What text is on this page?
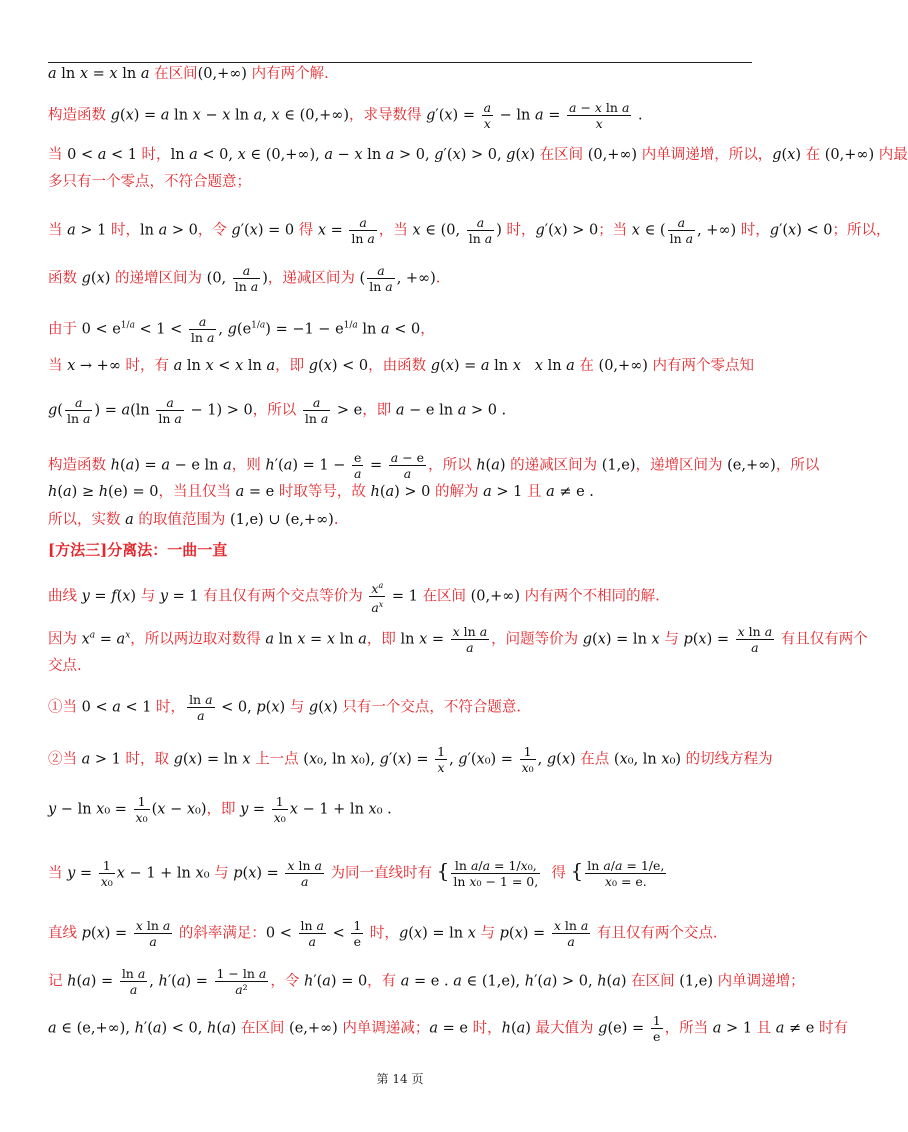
a ln x = x ln a 在区间(0,+∞) 内有两个解.
构造函数 g(x) = a ln x − x ln a, x ∈ (0,+∞)，求导数得 $g'(x) = \frac{a}{x} - \ln a = \frac{\text{a − x ln a}}{x}$ .
当 0 < a < 1 时，ln a < 0, x ∈ (0,+∞), a − x ln a > 0, g′(x) > 0, g(x) 在区间 (0,+∞) 内单调递增，所以，g(x) 在 (0,+∞) 内最
多只有一个零点，不符合题意；
当 a > 1 时，ln a > 0，令 g′(x) = 0 得 $x = \frac{a}{\text{ln a}}$ ，当 x ∈ (0, $\frac{a}{\text{ln a}}$ ) 时，g′(x) > 0；当 x ∈ ( $\frac{a}{\text{ln a}}$ , +∞) 时，g′(x) < 0；所以，
函数 g(x) 的递增区间为 (0, $\frac{a}{\text{ln a}}$ )，递减区间为 ( $\frac{a}{\text{ln a}}$ , +∞).
由于 $0 < e^{1/a} < 1 < \frac{a}{\text{ln a}}$ , $g(e^{1/a}) = -1 - e^{1/a}$ ln a < 0，
当 x → +∞ 时，有 a ln x < x ln a，即 g(x) < 0，由函数 g(x) = a ln x x ln a 在 (0,+∞) 内有两个零点知
$g( \frac{a}{\text{ln a}}$ ) = $a(\ln \frac{a}{\text{ln a}} - 1) > 0$，所以 $\frac{a}{\text{ln a}} > e$，即 a − e ln a > 0 .
构造函数 h(a) = a − e ln a，则 $h'(a) = 1 - \frac{e}{a} = \frac{a - e}{a}$ ，所以 h(a) 的递减区间为 (1,e)，递增区间为 (e,+∞)，所以
h(a) ≥ h(e) = 0，当且仅当 a = e 时取等号，故 h(a) > 0 的解为 a > 1 且 a ≠ e .
所以，实数 a 的取值范围为 (1,e) ∪ (e,+∞).
[方法三]分离法：一曲一直
曲线 y = f(x) 与 y = 1 有且仅有两个交点等价为 $\frac{x^a}{a^x} = 1$ 在区间 (0,+∞) 内有两个不相同的解.
因为 $x^a = a^x$，所以两边取对数得 a ln x = x ln a，即 $\ln x = \frac{\text{x ln a}}{a}$ ，问题等价为 g(x) = ln x 与 $p(x) = \frac{\text{x ln a}}{a}$ 有且仅有两个
交点.
①当 0 < a < 1 时， $\frac{\text{ln a}}{a} < 0$, p(x) 与 g(x) 只有一个交点，不符合题意.
②当 a > 1 时，取 g(x) = ln x 上一点 (x₀, ln x₀), $g'(x) = \frac{1}{x}$ , $g'(x_0) = \frac{1}{\text{x₀}}$ , g(x) 在点 (x₀, ln x₀) 的切线方程为
$y - \ln x_0 = \frac{1}{\text{x₀}} (x - x_0)$，即 $y = \frac{1}{\text{x₀}}$ x − 1 + ln x₀ .
当 $y = \frac{1}{\text{x₀}}$ x − 1 + ln x₀ 与 $p(x) = \frac{\text{x ln a}}{a}$ 为同一直线时有 { $\frac{\text{ln a/a = 1/x₀,}}{\text{ln x₀ − 1 = 0,}}$ 得 { $\frac{\text{ln a/a = 1/e,}}{\text{x₀ = e.}}$
直线 $p(x) = \frac{\text{x ln a}}{a}$ 的斜率满足：$0 < \frac{\text{ln a}}{a} < \frac{1}{e}$ 时，g(x) = ln x 与 $p(x) = \frac{\text{x ln a}}{a}$ 有且仅有两个交点.
记 $h(a) = \frac{\text{ln a}}{a}$ , $h'(a) = \frac{\text{1 − ln a}}{\text{a²}}$ ，令 h′(a) = 0，有 a = e . a ∈ (1,e), h′(a) > 0, h(a) 在区间 (1,e) 内单调递增；
a ∈ (e,+∞), h′(a) < 0, h(a) 在区间 (e,+∞) 内单调递减；a = e 时，h(a) 最大值为 $g(e) = \frac{1}{e}$ ，所当 a > 1 且 a ≠ e 时有
第 14 页
